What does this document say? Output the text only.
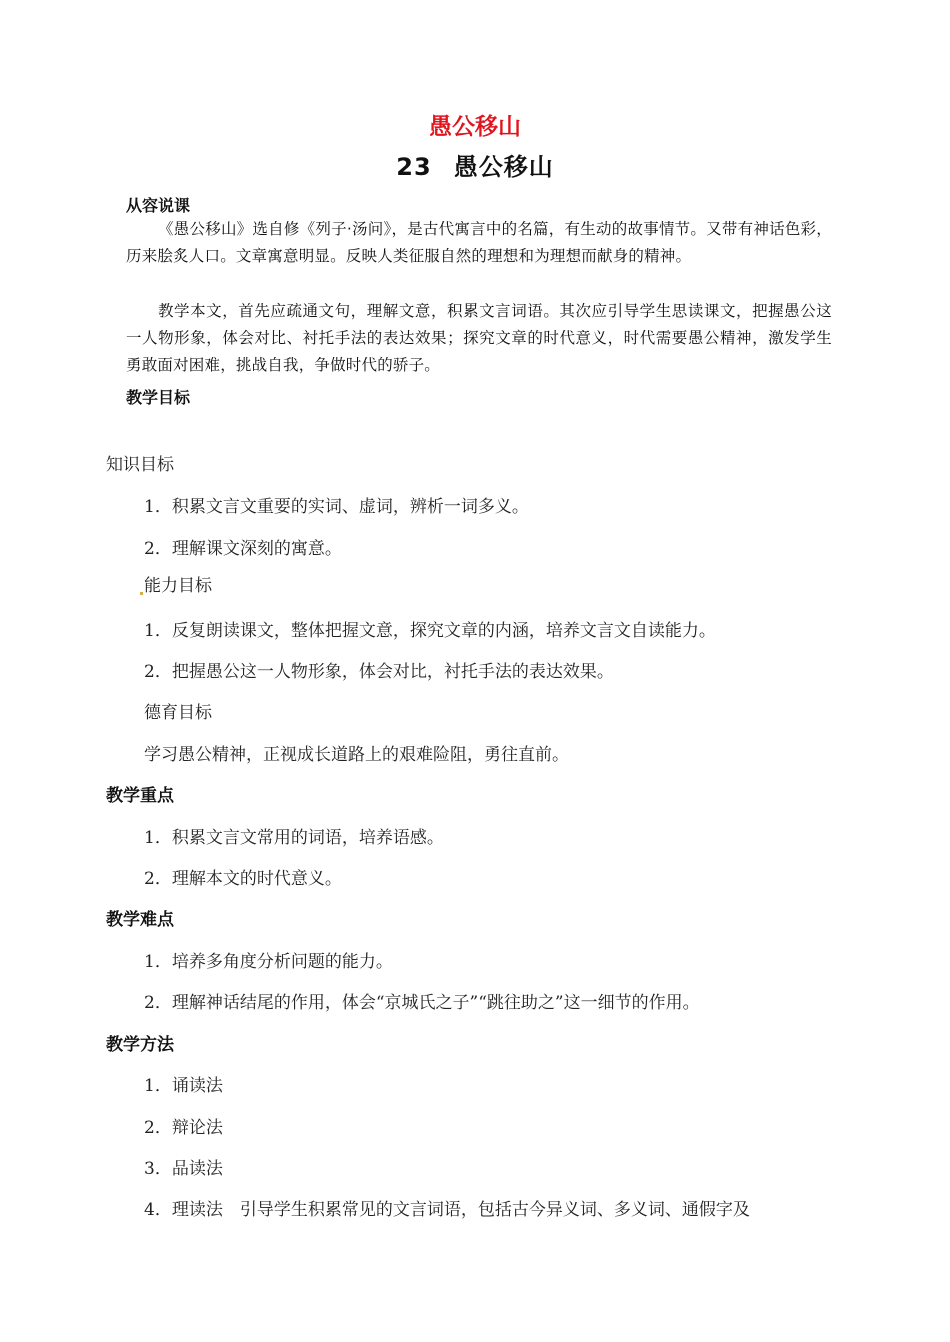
愚公移山
23 愚公移山
从容说课
《愚公移山》选自修《列子·汤问》，是古代寓言中的名篇，有生动的故事情节。又带有神话色彩，历来脍炙人口。文章寓意明显。反映人类征服自然的理想和为理想而献身的精神。
教学本文，首先应疏通文句，理解文意，积累文言词语。其次应引导学生思读课文，把握愚公这一人物形象，体会对比、衬托手法的表达效果；探究文章的时代意义，时代需要愚公精神，激发学生勇敢面对困难，挑战自我，争做时代的骄子。
教学目标
知识目标
1．积累文言文重要的实词、虚词，辨析一词多义。
2．理解课文深刻的寓意。
能力目标
1．反复朗读课文，整体把握文意，探究文章的内涵，培养文言文自读能力。
2．把握愚公这一人物形象，体会对比，衬托手法的表达效果。
德育目标
学习愚公精神，正视成长道路上的艰难险阻，勇往直前。
教学重点
1．积累文言文常用的词语，培养语感。
2．理解本文的时代意义。
教学难点
1．培养多角度分析问题的能力。
2．理解神话结尾的作用，体会“京城氏之子”“跳往助之”这一细节的作用。
教学方法
1．诵读法
2．辩论法
3．品读法
4．理读法　引导学生积累常见的文言词语，包括古今异义词、多义词、通假字及
